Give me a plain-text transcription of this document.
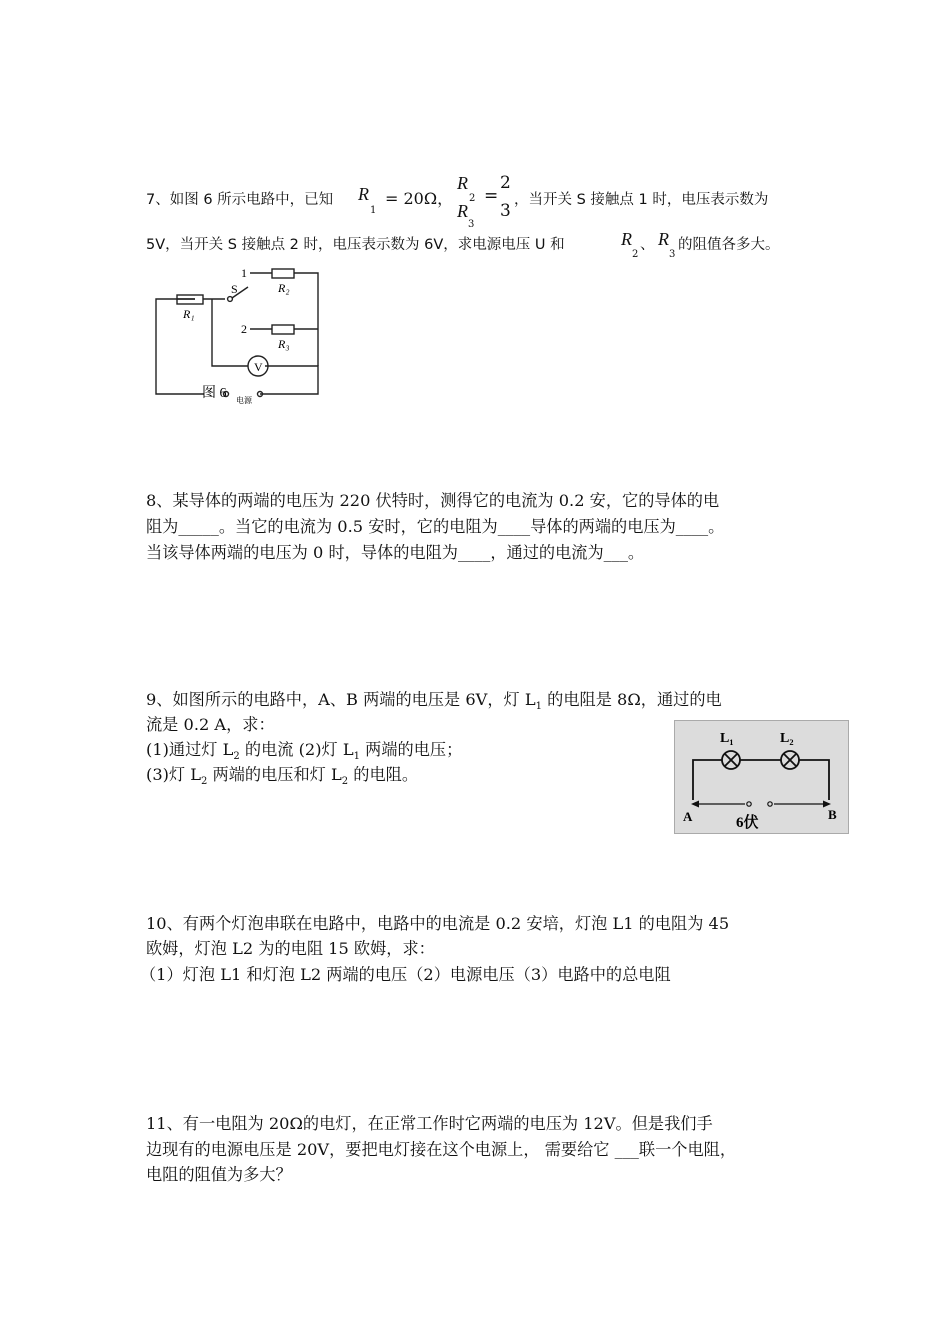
7、如图 6 所示电路中，已知 R
1
= 20Ω，
R
2
R
3
=
2
3
，当开关 S 接触点 1 时，电压表示数为
5V，当开关 S 接触点 2 时，电压表示数为 6V，求电源电压 U 和	R
2
、 R
3
的阻值各多大。
1
2
S
R₁
R₂
R₃
V
图 6 电源
8、某导体的两端的电压为 220 伏特时，测得它的电流为 0.2 安，它的导体的电
阻为_____。当它的电流为 0.5 安时，它的电阻为____导体的两端的电压为____。
当该导体两端的电压为 0 时，导体的电阻为____，通过的电流为___。
9、如图所示的电路中，A、B 两端的电压是 6V，灯 $L_1$ 的电阻是 8Ω，通过的电
流是 0.2 A，求：
(1)通过灯 $L_2$ 的电流 (2)灯 $L_1$ 两端的电压；
(3)灯 $L_2$ 两端的电压和灯 $L_2$ 的电阻。
L₁	L₂
A	B
6伏
10、有两个灯泡串联在电路中，电路中的电流是 0.2 安培，灯泡 L1 的电阻为 45
欧姆，灯泡 L2 为的电阻 15 欧姆，求：
（1）灯泡 L1 和灯泡 L2 两端的电压（2）电源电压（3）电路中的总电阻
11、有一电阻为 20Ω的电灯，在正常工作时它两端的电压为 12V。但是我们手
边现有的电源电压是 20V，要把电灯接在这个电源上， 需要给它 ___联一个电阻，
电阻的阻值为多大？
